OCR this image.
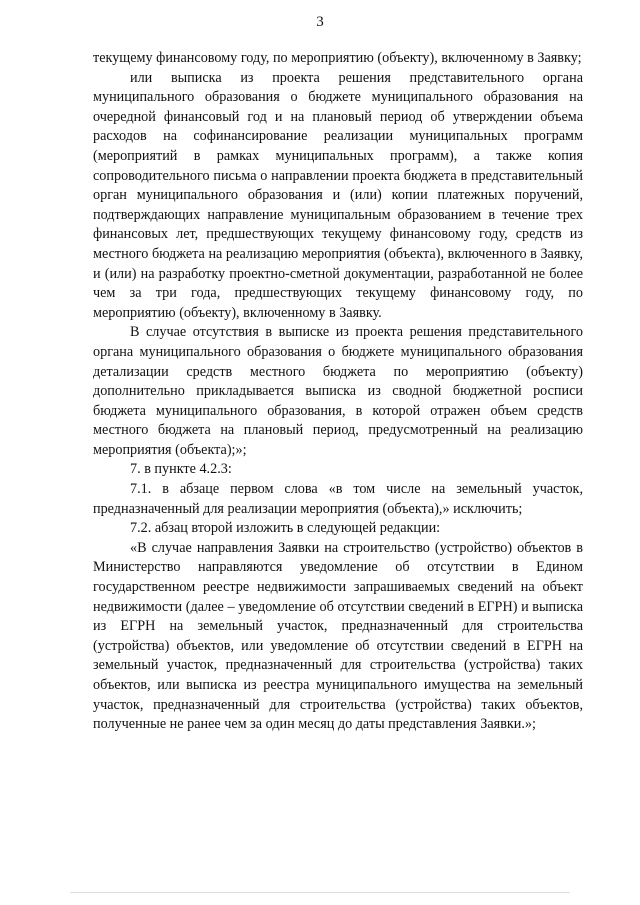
3

текущему финансовому году, по мероприятию (объекту), включенному в Заявку;

или выписка из проекта решения представительного органа муниципального образования о бюджете муниципального образования на очередной финансовый год и на плановый период об утверждении объема расходов на софинансирование реализации муниципальных программ (мероприятий в рамках муниципальных программ), а также копия сопроводительного письма о направлении проекта бюджета в представительный орган муниципального образования и (или) копии платежных поручений, подтверждающих направление муниципальным образованием в течение трех финансовых лет, предшествующих текущему финансовому году, средств из местного бюджета на реализацию мероприятия (объекта), включенного в Заявку, и (или) на разработку проектно-сметной документации, разработанной не более чем за три года, предшествующих текущему финансовому году, по мероприятию (объекту), включенному в Заявку.

В случае отсутствия в выписке из проекта решения представительного органа муниципального образования о бюджете муниципального образования детализации средств местного бюджета по мероприятию (объекту) дополнительно прикладывается выписка из сводной бюджетной росписи бюджета муниципального образования, в которой отражен объем средств местного бюджета на плановый период, предусмотренный на реализацию мероприятия (объекта);»;

7. в пункте 4.2.3:

7.1. в абзаце первом слова «в том числе на земельный участок, предназначенный для реализации мероприятия (объекта),» исключить;

7.2. абзац второй изложить в следующей редакции:

«В случае направления Заявки на строительство (устройство) объектов в Министерство направляются уведомление об отсутствии в Едином государственном реестре недвижимости запрашиваемых сведений на объект недвижимости (далее – уведомление об отсутствии сведений в ЕГРН) и выписка из ЕГРН на земельный участок, предназначенный для строительства (устройства) объектов, или уведомление об отсутствии сведений в ЕГРН на земельный участок, предназначенный для строительства (устройства) таких объектов, или выписка из реестра муниципального имущества на земельный участок, предназначенный для строительства (устройства) таких объектов, полученные не ранее чем за один месяц до даты представления Заявки.»;
